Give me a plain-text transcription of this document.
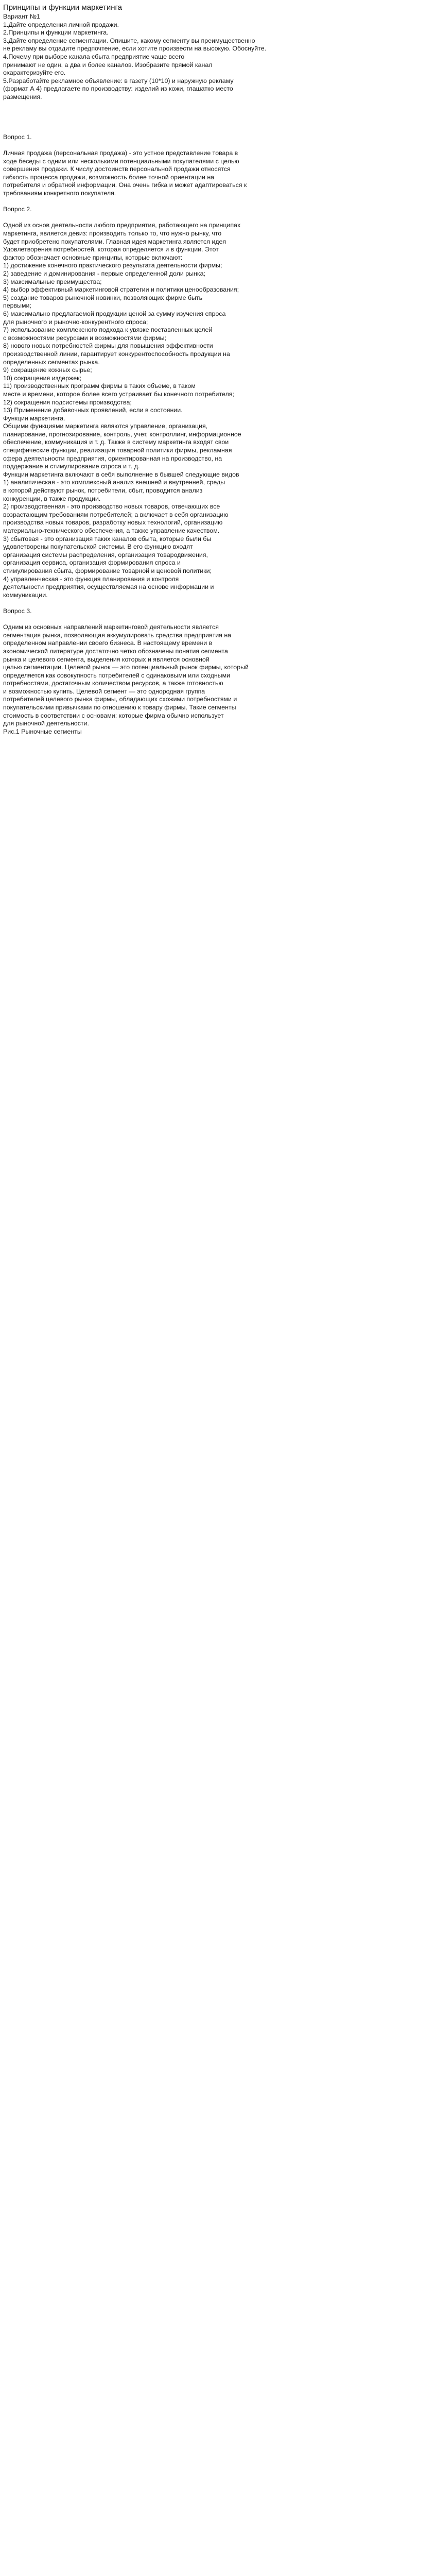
Принципы и функции маркетинга
Вариант №1
1.Дайте определения личной продажи.
2.Принципы и функции маркетинга.
3.Дайте определение сегментации. Опишите, какому сегменту вы преимущественно
не рекламу вы отдадите предпочтение, если хотите произвести на высокую. Обоснуйте.
4.Почему при выборе канала сбыта предприятие чаще всего
принимают не один, а два и более каналов. Изобразите прямой канал
охарактеризуйте его.
5.Разработайте рекламное объявление: в газету (10*10) и наружную рекламу
(формат А 4) предлагаете по производству: изделий из кожи, глашатко место
размещения.
Вопрос 1.
Личная продажа (персональная продажа) - это устное представление товара в
ходе беседы с одним или несколькими потенциальными покупателями с целью
совершения продажи. К числу достоинств персональной продажи относятся
гибкость процесса продажи, возможность более точной ориентации на
потребителя и обратной информации. Она очень гибка и может адаптироваться к
требованиям конкретного покупателя.
Вопрос 2.
Одной из основ деятельности любого предприятия, работающего на принципах
маркетинга, является девиз: производить только то, что нужно рынку, что
будет приобретено покупателями. Главная идея маркетинга является идея
Удовлетворения потребностей, которая определяется и в функции. Этот
фактор обозначает основные принципы, которые включают:
1) достижение конечного практического результата деятельности фирмы;
2) заведение и доминирования - первые определенной доли рынка;
3) максимальные преимущества;
4) выбор эффективный маркетинговой стратегии и политики ценообразования;
5) создание товаров рыночной новинки, позволяющих фирме быть
первыми;
6) максимально предлагаемой продукции ценой за сумму изучения спроса
для рыночного и рыночно-конкурентного спроса;
7) использование комплексного подхода к увязке поставленных целей
с возможностями ресурсами и возможностями фирмы;
8) нового новых потребностей фирмы для повышения эффективности
производственной линии, гарантирует конкурентоспособность продукции на
определенных сегментах рынка.
9) сокращение кожных сырье;
10) сокращения издержек;
11) производственных программ фирмы в таких объеме, в таком
месте и времени, которое более всего устраивает бы конечного потребителя;
12) сокращения подсистемы производства;
13) Применение добавочных проявлений, если в состоянии.
Функции маркетинга.
Общими функциями маркетинга являются управление, организация,
планирование, прогнозирование, контроль, учет, контроллинг, информационное
обеспечение, коммуникация и т. д. Также в систему маркетинга входят свои
специфические функции, реализация товарной политики фирмы, рекламная
сфера деятельности предприятия, ориентированная на производство, на
поддержание и стимулирование спроса и т. д.
Функции маркетинга включают в себя выполнение в бывшей следующие видов
1) аналитическая - это комплексный анализ внешней и внутренней, среды
в которой действуют рынок, потребители, сбыт, проводится анализ
конкуренции, в также продукции.
2) производственная - это производство новых товаров, отвечающих все
возрастающим требованиям потребителей; а включает в себя организацию
производства новых товаров, разработку новых технологий, организацию
материально-технического обеспечения, а также управление качеством.
3) сбытовая - это организация таких каналов сбыта, которые были бы
удовлетворены покупательской системы. В его функцию входят
организация системы распределения, организация товародвижения,
организация сервиса, организация формирования спроса и
стимулирования сбыта, формирование товарной и ценовой политики;
4) управленческая - это функция планирования и контроля
деятельности предприятия, осуществляемая на основе информации и
коммуникации.
Вопрос 3.
Одним из основных направлений маркетинговой деятельности является
сегментация рынка, позволяющая аккумулировать средства предприятия на
определенном направлении своего бизнеса. В настоящему времени в
экономической литературе достаточно четко обозначены понятия сегмента
рынка и целевого сегмента, выделения которых и является основной
целью сегментации. Целевой рынок — это потенциальный рынок фирмы, который
определяется как совокупность потребителей с одинаковыми или сходными
потребностями, достаточным количеством ресурсов, а также готовностью
и возможностью купить. Целевой сегмент — это однородная группа
потребителей целевого рынка фирмы, обладающих схожими потребностями и
покупательскими привычками по отношению к товару фирмы. Такие сегменты
стоимость в соответствии с основами: которые фирма обычно использует
для рыночной деятельности.
Рис.1 Рыночные сегменты
